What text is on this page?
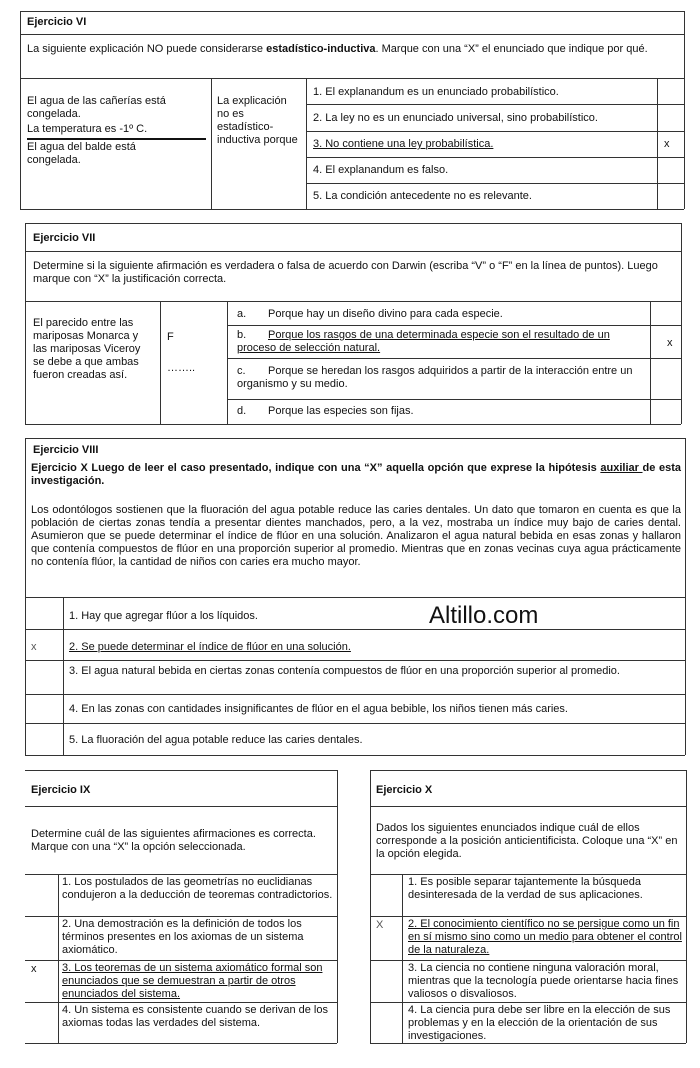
Ejercicio VI
La siguiente explicación NO puede considerarse estadístico-inductiva. Marque con una “X” el enunciado que indique por qué.
El agua de las cañerías está congelada.
La temperatura es -1º C.
El agua del balde está congelada.
La explicación no es estadístico-inductiva porque
1. El explanandum es un enunciado probabilístico.
2. La ley no es un enunciado universal, sino probabilístico.
3. No contiene una ley probabilística.
4. El explanandum es falso.
5. La condición antecedente no es relevante.
x
Ejercicio VII
Determine si la siguiente afirmación es verdadera o falsa de acuerdo con Darwin (escriba “V” o “F” en la línea de puntos). Luego marque con “X” la justificación correcta.
El parecido entre las mariposas Monarca y las mariposas Viceroy se debe a que ambas fueron creadas así.
F
……..
a. Porque hay un diseño divino para cada especie.
b. Porque los rasgos de una determinada especie son el resultado de un proceso de selección natural.
c. Porque se heredan los rasgos adquiridos a partir de la interacción entre un organismo y su medio.
d. Porque las especies son fijas.
x
Ejercicio VIII
Ejercicio X Luego de leer el caso presentado, indique con una “X” aquella opción que exprese la hipótesis auxiliar de esta investigación.
Los odontólogos sostienen que la fluoración del agua potable reduce las caries dentales. Un dato que tomaron en cuenta es que la población de ciertas zonas tendía a presentar dientes manchados, pero, a la vez, mostraba un índice muy bajo de caries dental. Asumieron que se puede determinar el índice de flúor en una solución. Analizaron el agua natural bebida en esas zonas y hallaron que contenía compuestos de flúor en una proporción superior al promedio. Mientras que en zonas vecinas cuya agua prácticamente no contenía flúor, la cantidad de niños con caries era mucho mayor.
Altillo.com
1. Hay que agregar flúor a los líquidos.
2. Se puede determinar el índice de flúor en una solución.
3. El agua natural bebida en ciertas zonas contenía compuestos de flúor en una proporción superior al promedio.
4. En las zonas con cantidades insignificantes de flúor en el agua bebible, los niños tienen más caries.
5. La fluoración del agua potable reduce las caries dentales.
x
Ejercicio IX
Determine cuál de las siguientes afirmaciones es correcta. Marque con una “X” la opción seleccionada.
1. Los postulados de las geometrías no euclidianas condujeron a la deducción de teoremas contradictorios.
2. Una demostración es la definición de todos los términos presentes en los axiomas de un sistema axiomático.
3. Los teoremas de un sistema axiomático formal son enunciados que se demuestran a partir de otros enunciados del sistema.
4. Un sistema es consistente cuando se derivan de los axiomas todas las verdades del sistema.
x
Ejercicio X
Dados los siguientes enunciados indique cuál de ellos corresponde a la posición anticientificista. Coloque una “X” en la opción elegida.
1. Es posible separar tajantemente la búsqueda desinteresada de la verdad de sus aplicaciones.
2. El conocimiento científico no se persigue como un fin en sí mismo sino como un medio para obtener el control de la naturaleza.
3. La ciencia no contiene ninguna valoración moral, mientras que la tecnología puede orientarse hacia fines valiosos o disvaliosos.
4. La ciencia pura debe ser libre en la elección de sus problemas y en la elección de la orientación de sus investigaciones.
X
